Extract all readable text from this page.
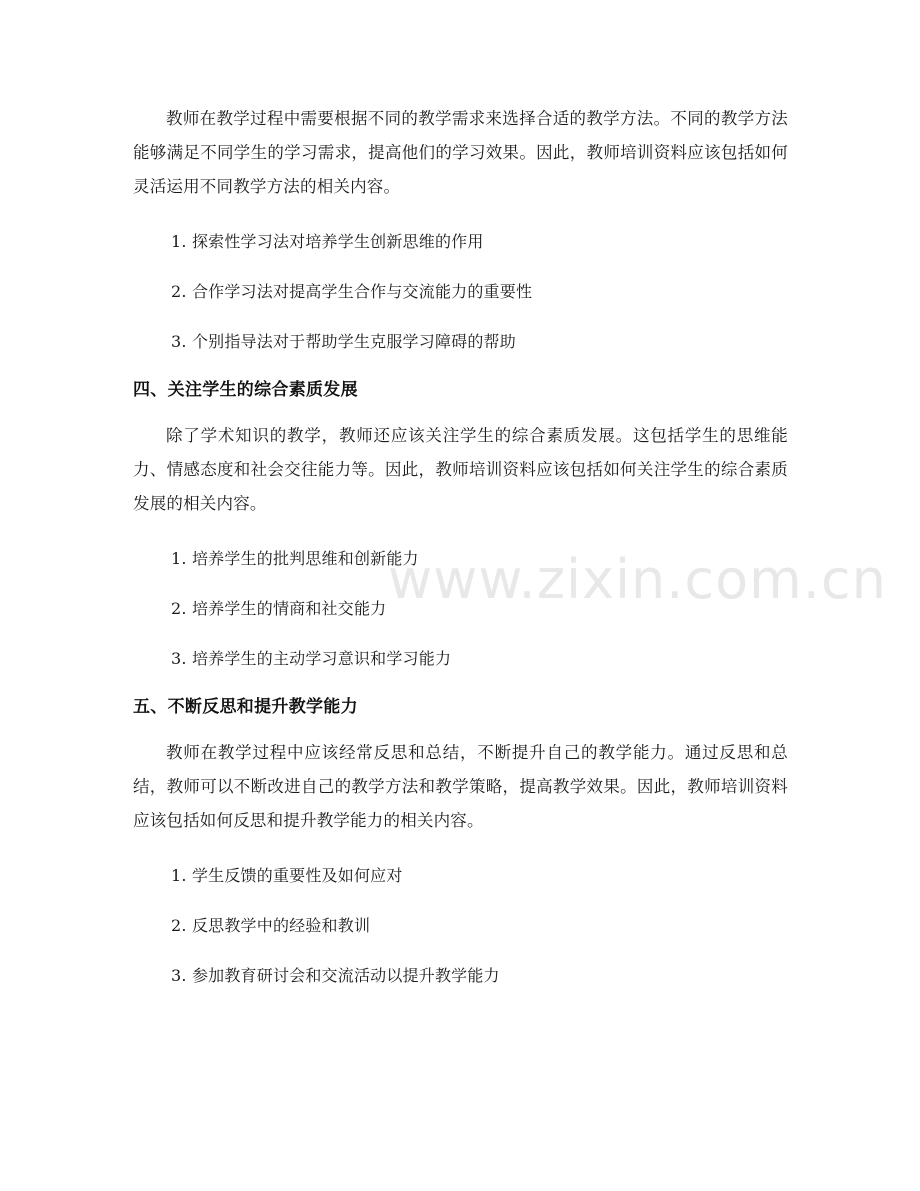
教师在教学过程中需要根据不同的教学需求来选择合适的教学方法。不同的教学方法能够满足不同学生的学习需求，提高他们的学习效果。因此，教师培训资料应该包括如何灵活运用不同教学方法的相关内容。

1. 探索性学习法对培养学生创新思维的作用

2. 合作学习法对提高学生合作与交流能力的重要性

3. 个别指导法对于帮助学生克服学习障碍的帮助

四、关注学生的综合素质发展

除了学术知识的教学，教师还应该关注学生的综合素质发展。这包括学生的思维能力、情感态度和社会交往能力等。因此，教师培训资料应该包括如何关注学生的综合素质发展的相关内容。

1. 培养学生的批判思维和创新能力

2. 培养学生的情商和社交能力

3. 培养学生的主动学习意识和学习能力

五、不断反思和提升教学能力

教师在教学过程中应该经常反思和总结，不断提升自己的教学能力。通过反思和总结，教师可以不断改进自己的教学方法和教学策略，提高教学效果。因此，教师培训资料应该包括如何反思和提升教学能力的相关内容。

1. 学生反馈的重要性及如何应对

2. 反思教学中的经验和教训

3. 参加教育研讨会和交流活动以提升教学能力

www.zixin.com.cn
